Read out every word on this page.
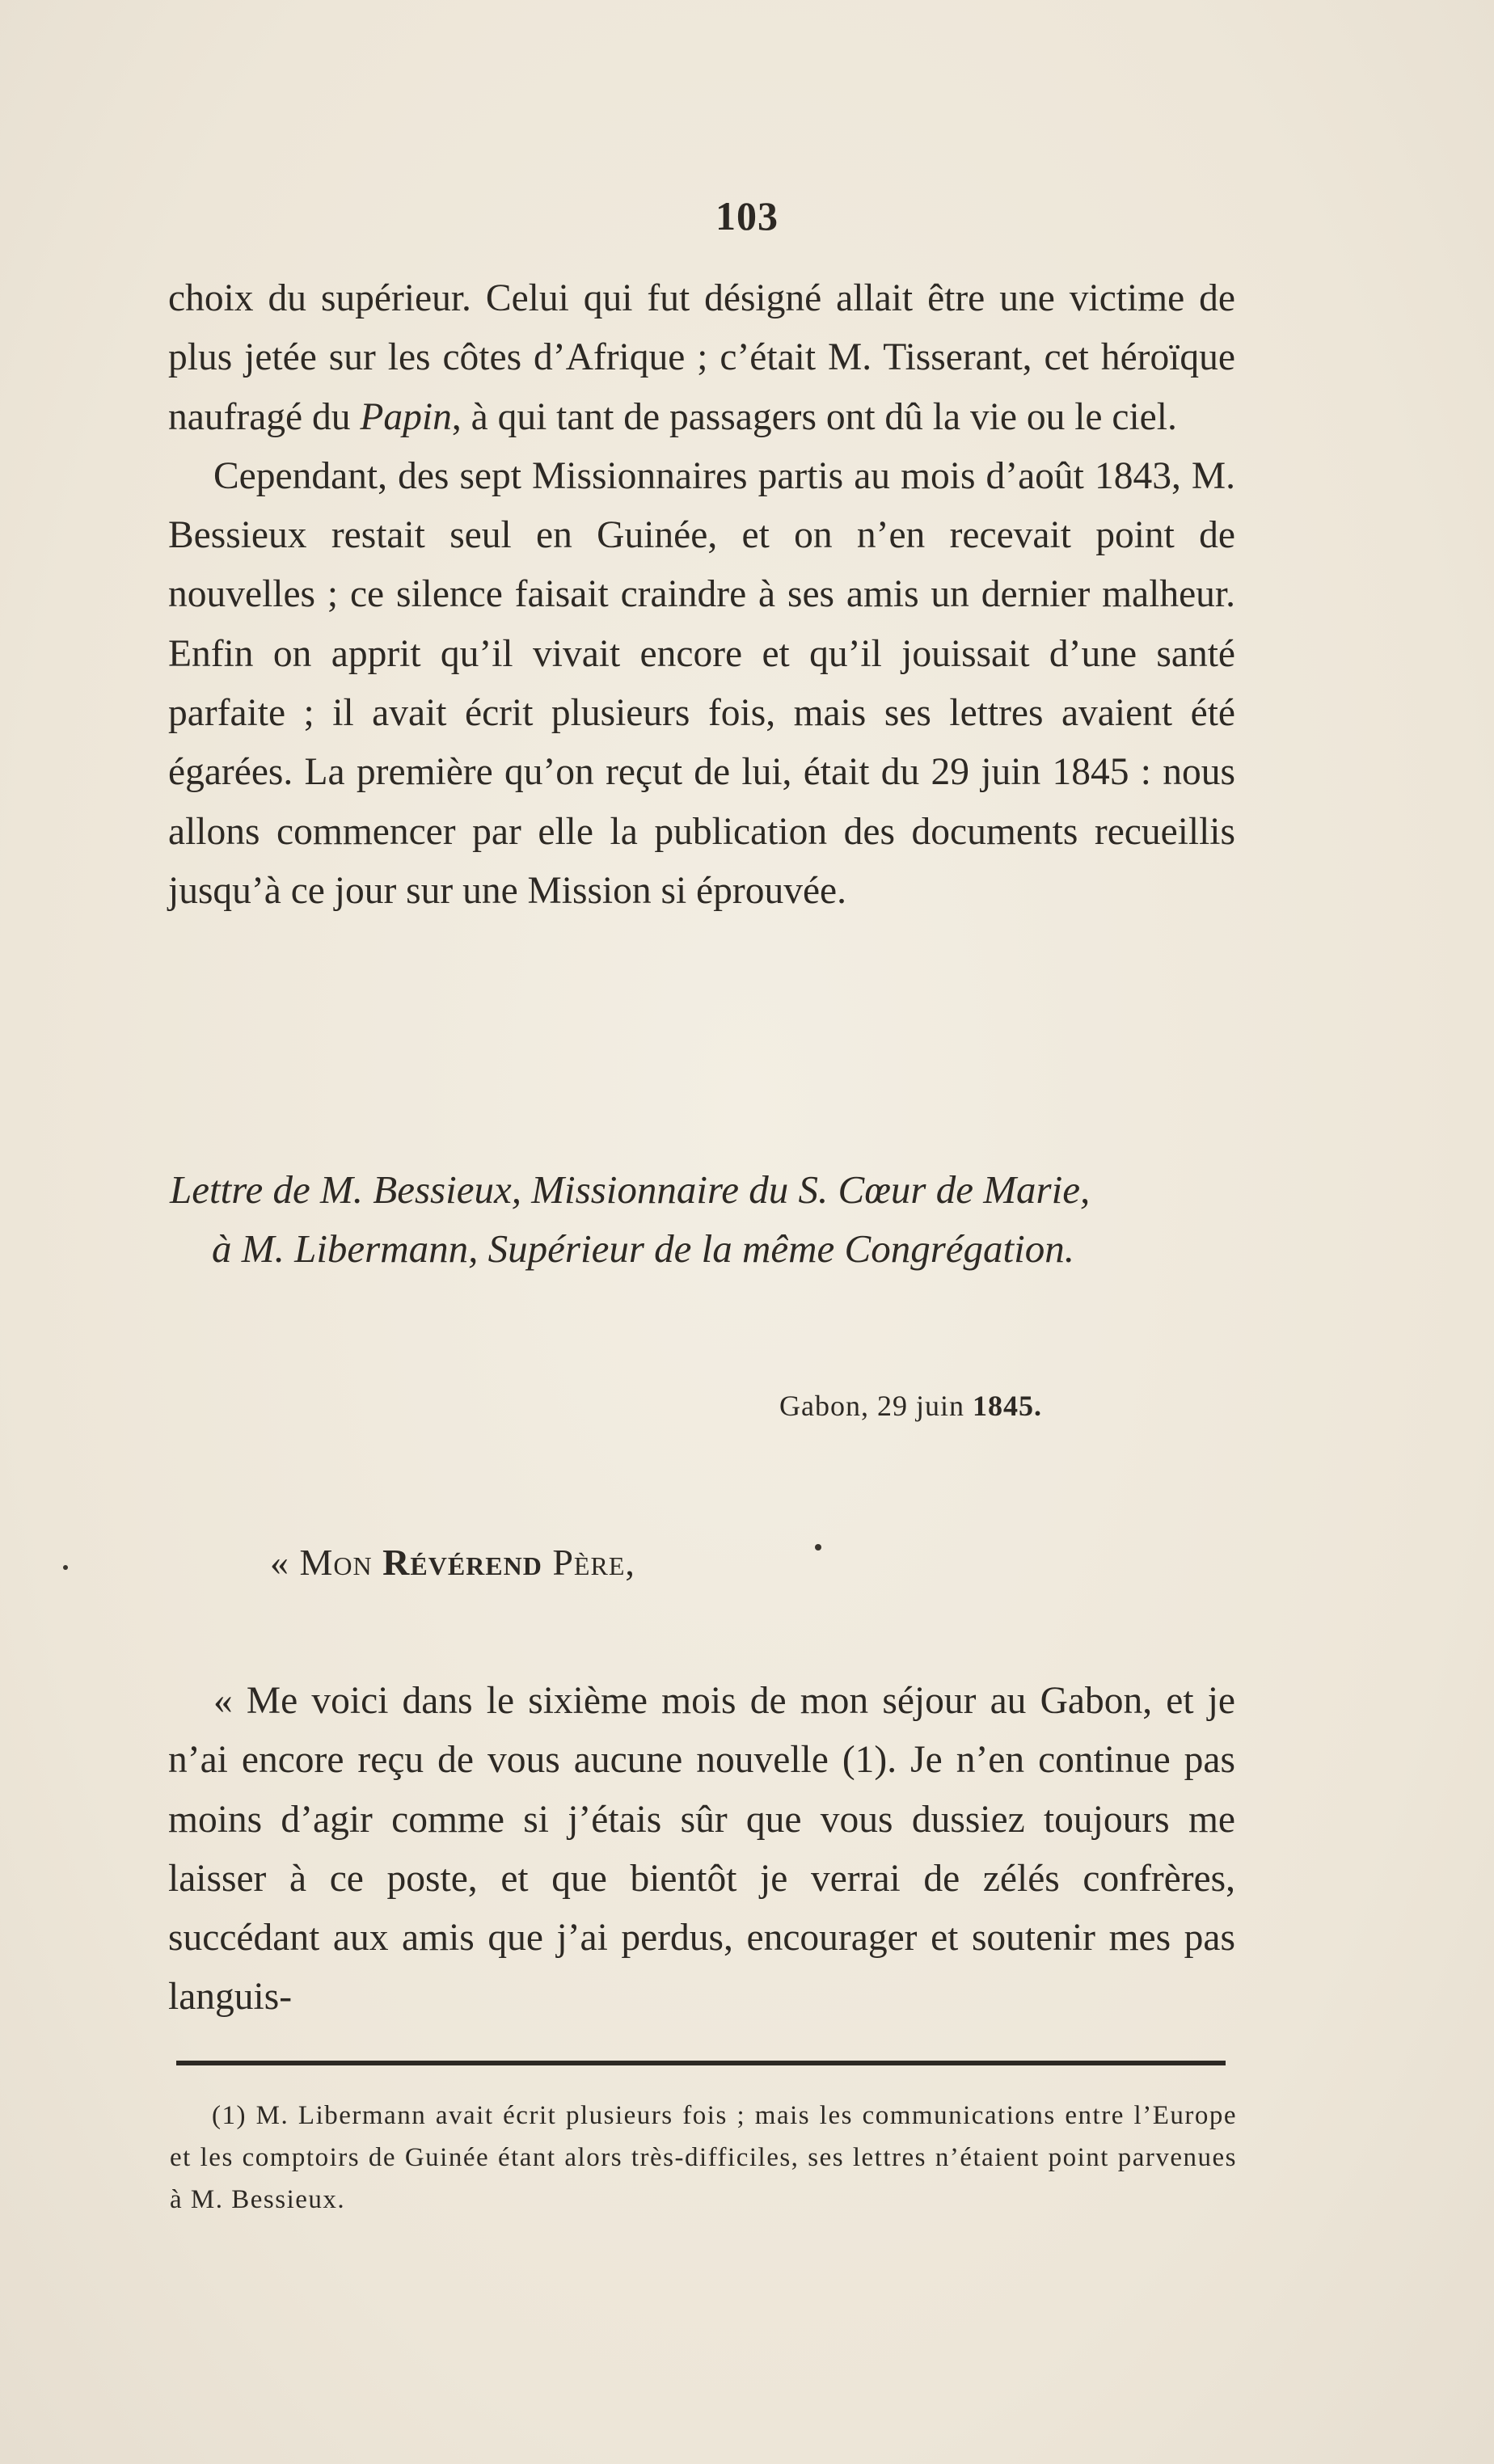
103

choix du supérieur. Celui qui fut désigné allait être une victime de plus jetée sur les côtes d’Afrique ; c’était M. Tisserant, cet héroïque naufragé du Papin, à qui tant de passagers ont dû la vie ou le ciel.

Cependant, des sept Missionnaires partis au mois d’août 1843, M. Bessieux restait seul en Guinée, et on n’en recevait point de nouvelles ; ce silence faisait craindre à ses amis un dernier malheur. Enfin on apprit qu’il vivait encore et qu’il jouissait d’une santé parfaite ; il avait écrit plusieurs fois, mais ses lettres avaient été égarées. La première qu’on reçut de lui, était du 29 juin 1845 : nous allons commencer par elle la publication des documents recueillis jusqu’à ce jour sur une Mission si éprouvée.

Lettre de M. Bessieux, Missionnaire du S. Cœur de Marie,
à M. Libermann, Supérieur de la même Congrégation.
Gabon, 29 juin 1845.
« Mon Révérend Père,

« Me voici dans le sixième mois de mon séjour au Gabon, et je n’ai encore reçu de vous aucune nouvelle (1). Je n’en continue pas moins d’agir comme si j’étais sûr que vous dussiez toujours me laisser à ce poste, et que bientôt je verrai de zélés confrères, succédant aux amis que j’ai perdus, encourager et soutenir mes pas languis-

(1) M. Libermann avait écrit plusieurs fois ; mais les communications entre l’Europe et les comptoirs de Guinée étant alors très-difficiles, ses lettres n’étaient point parvenues à M. Bessieux.
